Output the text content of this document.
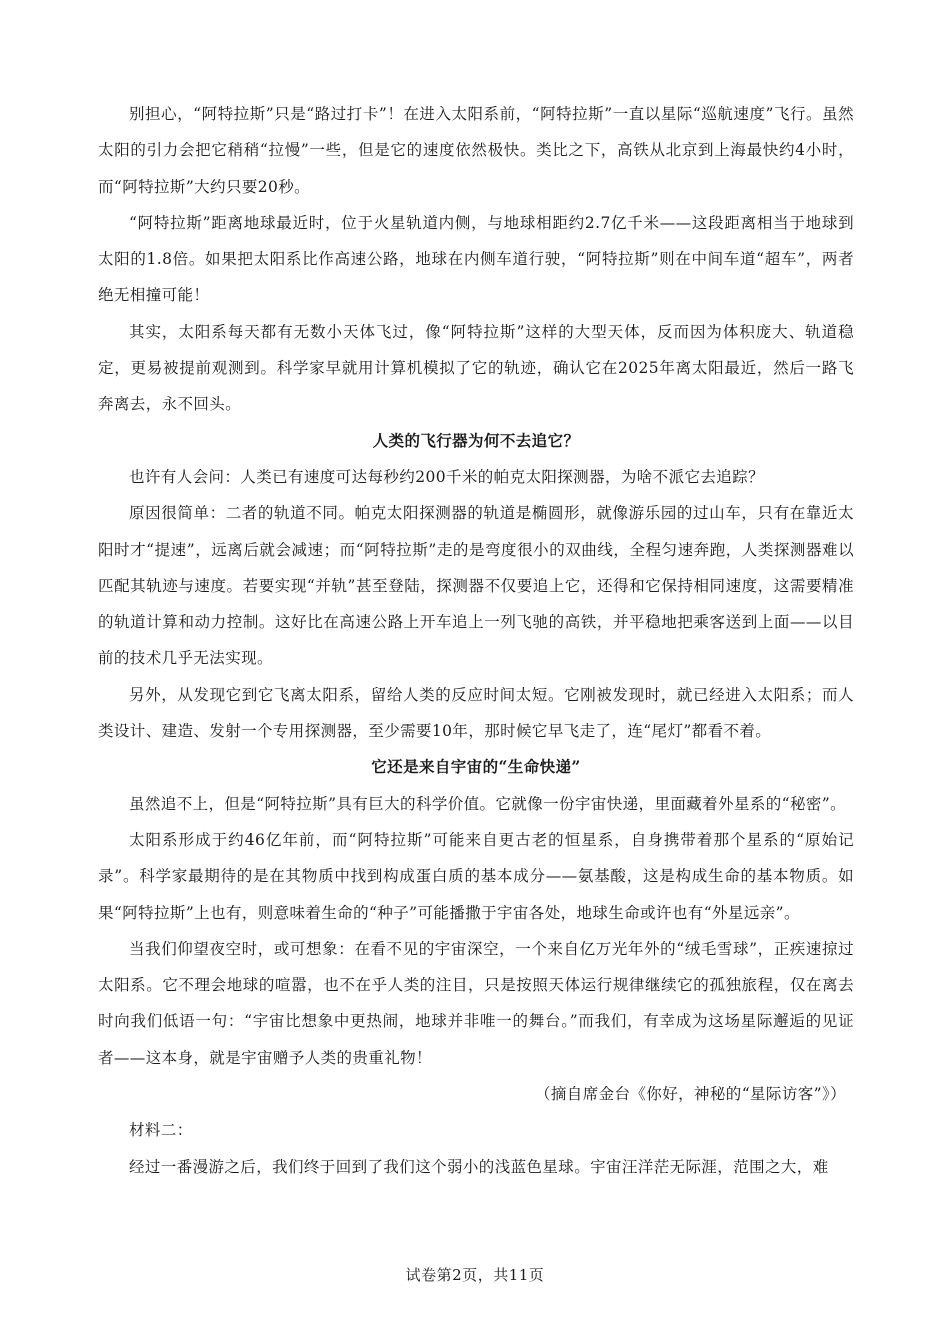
别担心，“阿特拉斯”只是“路过打卡”！在进入太阳系前，“阿特拉斯”一直以星际“巡航速度”飞行。虽然太阳的引力会把它稍稍“拉慢”一些，但是它的速度依然极快。类比之下，高铁从北京到上海最快约4小时，而“阿特拉斯”大约只要20秒。

“阿特拉斯”距离地球最近时，位于火星轨道内侧，与地球相距约2.7亿千米——这段距离相当于地球到太阳的1.8倍。如果把太阳系比作高速公路，地球在内侧车道行驶，“阿特拉斯”则在中间车道“超车”，两者绝无相撞可能！

其实，太阳系每天都有无数小天体飞过，像“阿特拉斯”这样的大型天体，反而因为体积庞大、轨道稳定，更易被提前观测到。科学家早就用计算机模拟了它的轨迹，确认它在2025年离太阳最近，然后一路飞奔离去，永不回头。

人类的飞行器为何不去追它？

也许有人会问：人类已有速度可达每秒约200千米的帕克太阳探测器，为啥不派它去追踪？

原因很简单：二者的轨道不同。帕克太阳探测器的轨道是椭圆形，就像游乐园的过山车，只有在靠近太阳时才“提速”，远离后就会减速；而“阿特拉斯”走的是弯度很小的双曲线，全程匀速奔跑，人类探测器难以匹配其轨迹与速度。若要实现“并轨”甚至登陆，探测器不仅要追上它，还得和它保持相同速度，这需要精准的轨道计算和动力控制。这好比在高速公路上开车追上一列飞驰的高铁，并平稳地把乘客送到上面——以目前的技术几乎无法实现。

另外，从发现它到它飞离太阳系，留给人类的反应时间太短。它刚被发现时，就已经进入太阳系；而人类设计、建造、发射一个专用探测器，至少需要10年，那时候它早飞走了，连“尾灯”都看不着。

它还是来自宇宙的“生命快递”

虽然追不上，但是“阿特拉斯”具有巨大的科学价值。它就像一份宇宙快递，里面藏着外星系的“秘密”。

太阳系形成于约46亿年前，而“阿特拉斯”可能来自更古老的恒星系，自身携带着那个星系的“原始记录”。科学家最期待的是在其物质中找到构成蛋白质的基本成分——氨基酸，这是构成生命的基本物质。如果“阿特拉斯”上也有，则意味着生命的“种子”可能播撒于宇宙各处，地球生命或许也有“外星远亲”。

当我们仰望夜空时，或可想象：在看不见的宇宙深空，一个来自亿万光年外的“绒毛雪球”，正疾速掠过太阳系。它不理会地球的喧嚣，也不在乎人类的注目，只是按照天体运行规律继续它的孤独旅程，仅在离去时向我们低语一句：“宇宙比想象中更热闹，地球并非唯一的舞台。”而我们，有幸成为这场星际邂逅的见证者——这本身，就是宇宙赠予人类的贵重礼物！

（摘自席金台《你好，神秘的“星际访客”》）

材料二：

经过一番漫游之后，我们终于回到了我们这个弱小的浅蓝色星球。宇宙汪洋茫无际涯，范围之大，难

试卷第2页，共11页
